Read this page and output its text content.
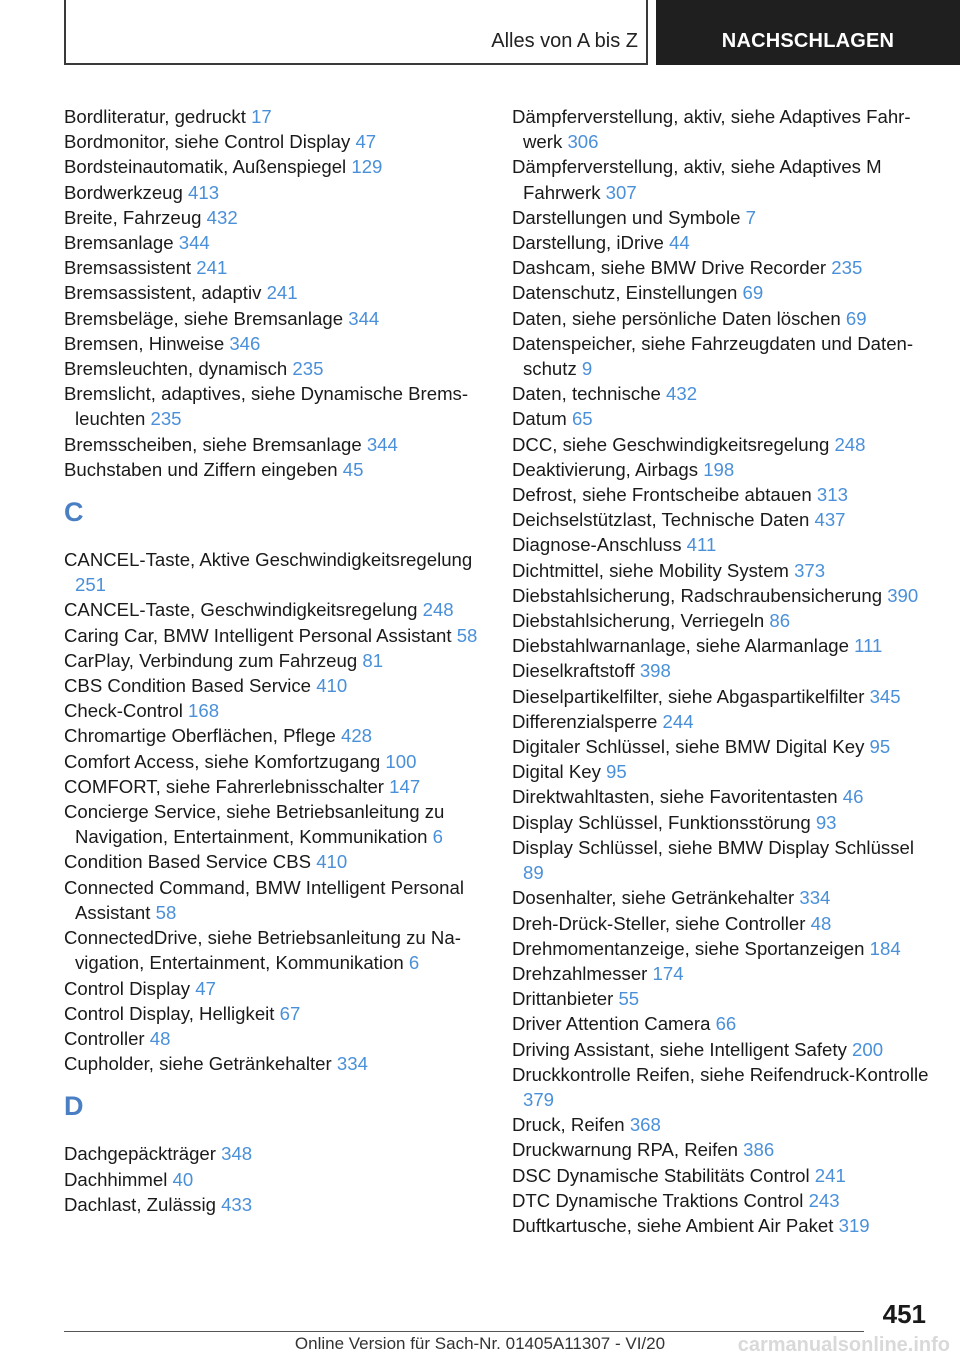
Alles von A bis Z	NACHSCHLAGEN
Bordliteratur, gedruckt 17
Bordmonitor, siehe Control Display 47
Bordsteinautomatik, Außenspiegel 129
Bordwerkzeug 413
Breite, Fahrzeug 432
Bremsanlage 344
Bremsassistent 241
Bremsassistent, adaptiv 241
Bremsbeläge, siehe Bremsanlage 344
Bremsen, Hinweise 346
Bremsleuchten, dynamisch 235
Bremslicht, adaptives, siehe Dynamische Bremsleuchten 235
Bremsscheiben, siehe Bremsanlage 344
Buchstaben und Ziffern eingeben 45
C
CANCEL-Taste, Aktive Geschwindigkeitsregelung 251
CANCEL-Taste, Geschwindigkeitsregelung 248
Caring Car, BMW Intelligent Personal Assistant 58
CarPlay, Verbindung zum Fahrzeug 81
CBS Condition Based Service 410
Check-Control 168
Chromartige Oberflächen, Pflege 428
Comfort Access, siehe Komfortzugang 100
COMFORT, siehe Fahrerlebnisschalter 147
Concierge Service, siehe Betriebsanleitung zu Navigation, Entertainment, Kommunikation 6
Condition Based Service CBS 410
Connected Command, BMW Intelligent Personal Assistant 58
ConnectedDrive, siehe Betriebsanleitung zu Navigation, Entertainment, Kommunikation 6
Control Display 47
Control Display, Helligkeit 67
Controller 48
Cupholder, siehe Getränkehalter 334
D
Dachgepäckträger 348
Dachhimmel 40
Dachlast, Zulässig 433
Dämpferverstellung, aktiv, siehe Adaptives Fahrwerk 306
Dämpferverstellung, aktiv, siehe Adaptives M Fahrwerk 307
Darstellungen und Symbole 7
Darstellung, iDrive 44
Dashcam, siehe BMW Drive Recorder 235
Datenschutz, Einstellungen 69
Daten, siehe persönliche Daten löschen 69
Datenspeicher, siehe Fahrzeugdaten und Datenschutz 9
Daten, technische 432
Datum 65
DCC, siehe Geschwindigkeitsregelung 248
Deaktivierung, Airbags 198
Defrost, siehe Frontscheibe abtauen 313
Deichselstützlast, Technische Daten 437
Diagnose-Anschluss 411
Dichtmittel, siehe Mobility System 373
Diebstahlsicherung, Radschraubensicherung 390
Diebstahlsicherung, Verriegeln 86
Diebstahlwarnanlage, siehe Alarmanlage 111
Dieselkraftstoff 398
Dieselpartikelfilter, siehe Abgaspartikelfilter 345
Differenzialsperre 244
Digitaler Schlüssel, siehe BMW Digital Key 95
Digital Key 95
Direktwahltasten, siehe Favoritentasten 46
Display Schlüssel, Funktionsstörung 93
Display Schlüssel, siehe BMW Display Schlüssel 89
Dosenhalter, siehe Getränkehalter 334
Dreh-Drück-Steller, siehe Controller 48
Drehmomentanzeige, siehe Sportanzeigen 184
Drehzahlmesser 174
Drittanbieter 55
Driver Attention Camera 66
Driving Assistant, siehe Intelligent Safety 200
Druckkontrolle Reifen, siehe Reifendruck-Kontrolle 379
Druck, Reifen 368
Druckwarnung RPA, Reifen 386
DSC Dynamische Stabilitäts Control 241
DTC Dynamische Traktions Control 243
Duftkartusche, siehe Ambient Air Paket 319
451
Online Version für Sach-Nr. 01405A11307 - VI/20	carmanualsonline.info
